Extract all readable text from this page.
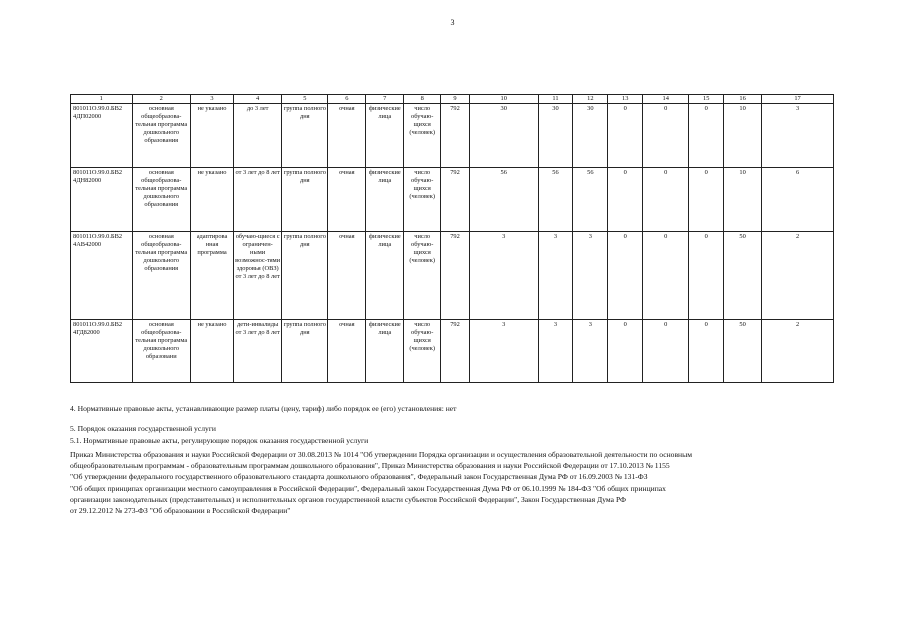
3
1	2	3	4	5	6	7	8	9	10	11	12	13	14	15	16	17
801011О.99.0.БВ2
4ДП02000	основная общеобразова-тельная программа дошкольного образования	не указано	до 3 лет	группа полного дня	очная	физические лица	число обучаю-щихся (человек)	792	30	30	30	0	0	0	10	3
801011О.99.0.БВ2
4ДН82000	основная общеобразова-тельная программа дошкольного образования	не указано	от 3 лет до 8 лет	группа полного дня	очная	физические лица	число обучаю-щихся (человек)	792	56	56	56	0	0	0	10	6
801011О.99.0.БВ2
4АВ42000	основная общеобразова-тельная программа дошкольного образования	адаптирова нная программа	обучаю-щиеся с ограничен-ными возможнос-тями здоровья (ОВЗ) от 3 лет до 8 лет	группа полного дня	очная	физические лица	число обучаю-щихся (человек)	792	3	3	3	0	0	0	50	2
801011О.99.0.БВ2
4ГД82000	основная общеобразова-тельная программа дошкольного образовани	не указано	дети-инвалиды от 3 лет до 8 лет	группа полного дня	очная	физические лица	число обучаю-щихся (человек)	792	3	3	3	0	0	0	50	2
4. Нормативные правовые акты, устанавливающие размер платы (цену, тариф) либо порядок ее (его) установления: нет
5. Порядок оказания государственной услуги
5.1. Нормативные правовые акты, регулирующие порядок оказания государственной услуги

Приказ Министерства образования и науки Российской Федерации от 30.08.2013 № 1014 "Об утверждении Порядка организации и осуществления образовательной деятельности по основным

общеобразовательным программам - образовательным программам дошкольного образования", Приказ Министерства образования и науки Российской Федерации от 17.10.2013 № 1155

"Об утверждении федерального государственного образовательного стандарта дошкольного образования", Федеральный закон Государственная Дума РФ от 16.09.2003 № 131-ФЗ

"Об общих принципах организации местного самоуправления в Российской Федерации", Федеральный закон Государственная Дума РФ от 06.10.1999 № 184-ФЗ "Об общих принципах

организации законодательных (представительных) и исполнительных органов государственной власти субъектов Российской Федерации", Закон Государственная Дума РФ

от 29.12.2012 № 273-ФЗ "Об образовании в Российской Федерации"
